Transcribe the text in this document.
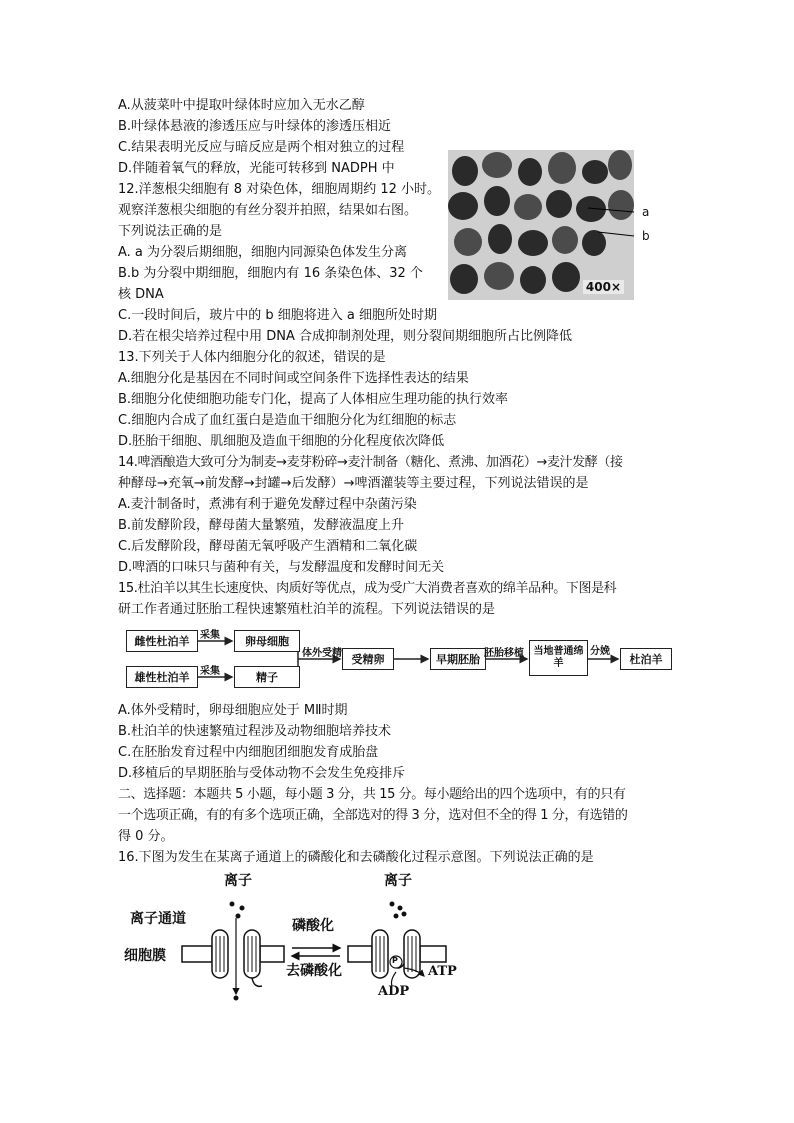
A.从菠菜叶中提取叶绿体时应加入无水乙醇
B.叶绿体悬液的渗透压应与叶绿体的渗透压相近
C.结果表明光反应与暗反应是两个相对独立的过程
D.伴随着氧气的释放，光能可转移到 NADPH 中
12.洋葱根尖细胞有 8 对染色体，细胞周期约 12 小时。
观察洋葱根尖细胞的有丝分裂并拍照，结果如右图。
下列说法正确的是
A. a 为分裂后期细胞，细胞内同源染色体发生分离
B.b 为分裂中期细胞，细胞内有 16 条染色体、32 个
核 DNA
C.一段时间后，玻片中的 b 细胞将进入 a 细胞所处时期
D.若在根尖培养过程中用 DNA 合成抑制剂处理，则分裂间期细胞所占比例降低
13.下列关于人体内细胞分化的叙述，错误的是
A.细胞分化是基因在不同时间或空间条件下选择性表达的结果
B.细胞分化使细胞功能专门化，提高了人体相应生理功能的执行效率
C.细胞内合成了血红蛋白是造血干细胞分化为红细胞的标志
D.胚胎干细胞、肌细胞及造血干细胞的分化程度依次降低
14.啤酒酿造大致可分为制麦→麦芽粉碎→麦汁制备（糖化、煮沸、加酒花）→麦汁发酵（接
种酵母→充氧→前发酵→封罐→后发酵）→啤酒灌装等主要过程，下列说法错误的是
A.麦汁制备时，煮沸有利于避免发酵过程中杂菌污染
B.前发酵阶段，酵母菌大量繁殖，发酵液温度上升
C.后发酵阶段，酵母菌无氧呼吸产生酒精和二氧化碳
D.啤酒的口味只与菌种有关，与发酵温度和发酵时间无关
15.杜泊羊以其生长速度快、肉质好等优点，成为受广大消费者喜欢的绵羊品种。下图是科
研工作者通过胚胎工程快速繁殖杜泊羊的流程。下列说法错误的是
A.体外受精时，卵母细胞应处于 MⅡ时期
B.杜泊羊的快速繁殖过程涉及动物细胞培养技术
C.在胚胎发育过程中内细胞团细胞发育成胎盘
D.移植后的早期胚胎与受体动物不会发生免疫排斥
二、选择题：本题共 5 小题，每小题 3 分，共 15 分。每小题给出的四个选项中，有的只有
一个选项正确，有的有多个选项正确，全部选对的得 3 分，选对但不全的得 1 分，有选错的
得 0 分。
16.下图为发生在某离子通道上的磷酸化和去磷酸化过程示意图。下列说法正确的是
400×
a
b
雌性杜泊羊
雄性杜泊羊
采集
采集
卵母细胞
精子
体外受精 受精卵	早期胚胎 胚胎移植 当地普通绵羊
分娩
杜泊羊
离子	离子
离子通道
细胞膜
磷酸化
去磷酸化
P
ATP
ADP
